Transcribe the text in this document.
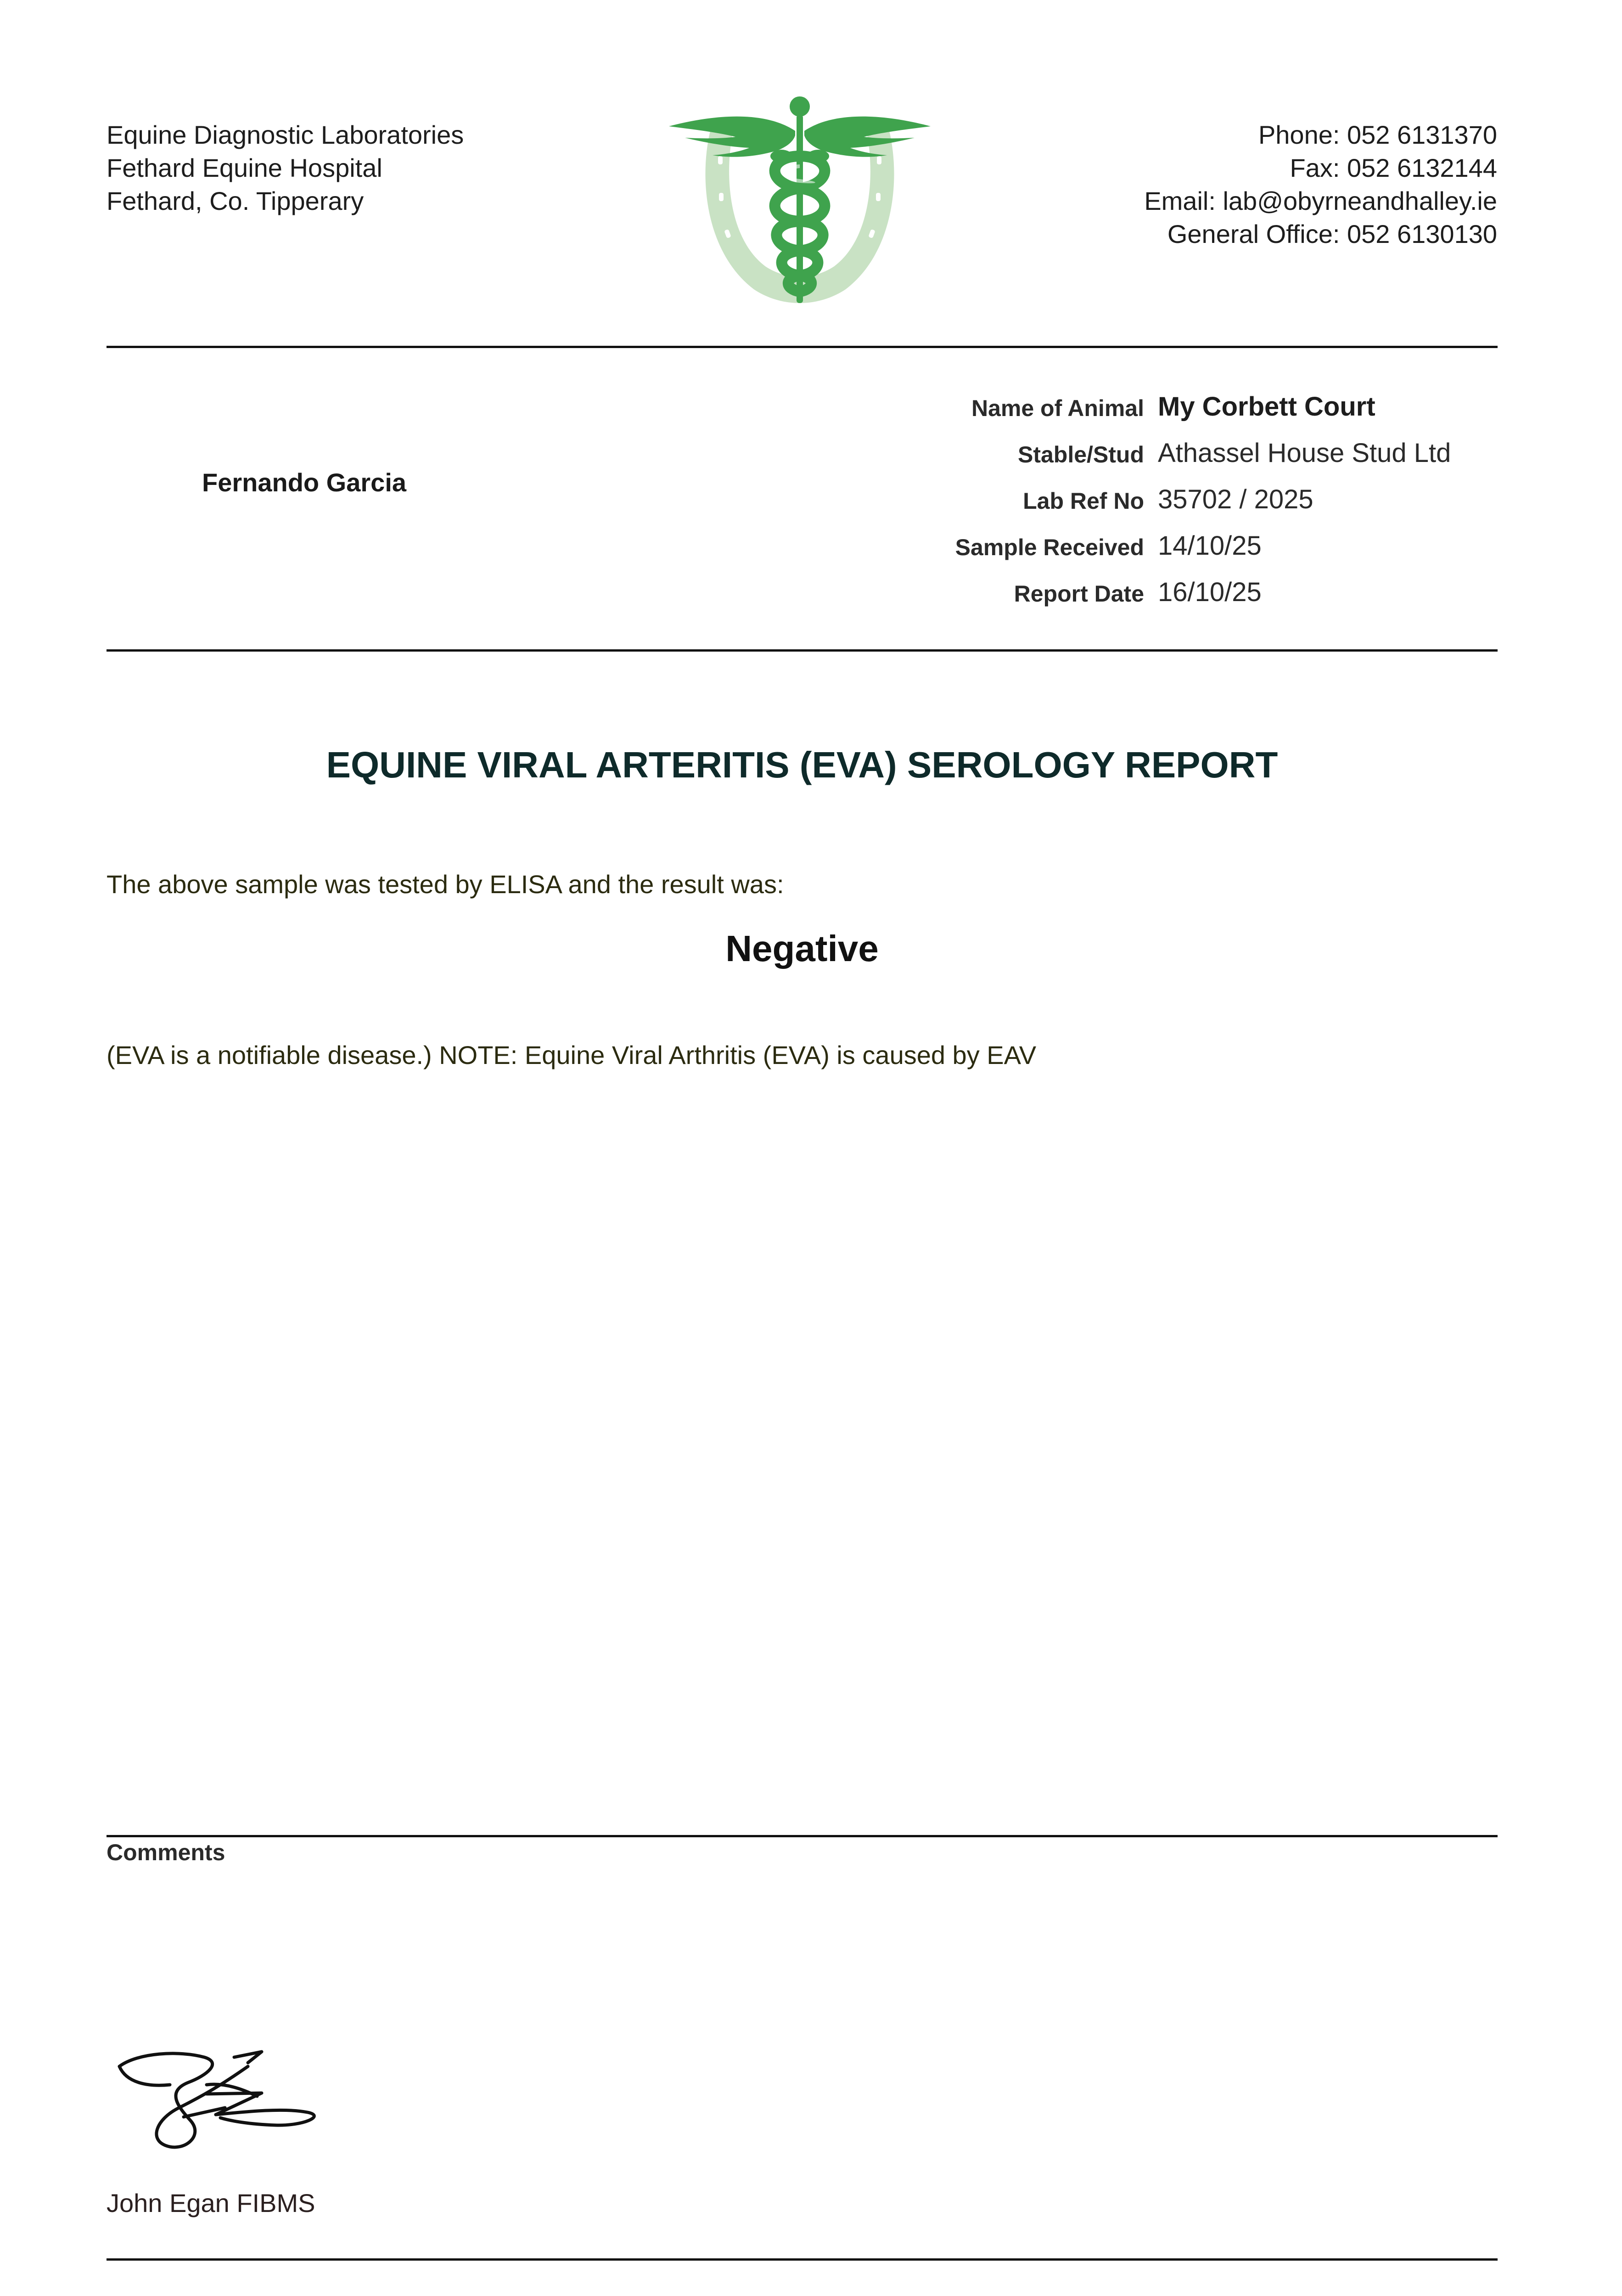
Equine Diagnostic Laboratories
Fethard Equine Hospital
Fethard, Co. Tipperary
Phone: 052 6131370
Fax: 052 6132144
Email: lab@obyrneandhalley.ie
General Office: 052 6130130
Fernando Garcia
Name of Animal My Corbett Court
Stable/Stud Athassel House Stud Ltd
Lab Ref No 35702 / 2025
Sample Received 14/10/25
Report Date 16/10/25
EQUINE VIRAL ARTERITIS (EVA) SEROLOGY REPORT
The above sample was tested by ELISA and the result was:
Negative
(EVA is a notifiable disease.) NOTE: Equine Viral Arthritis (EVA) is caused by EAV
Comments
John Egan FIBMS
